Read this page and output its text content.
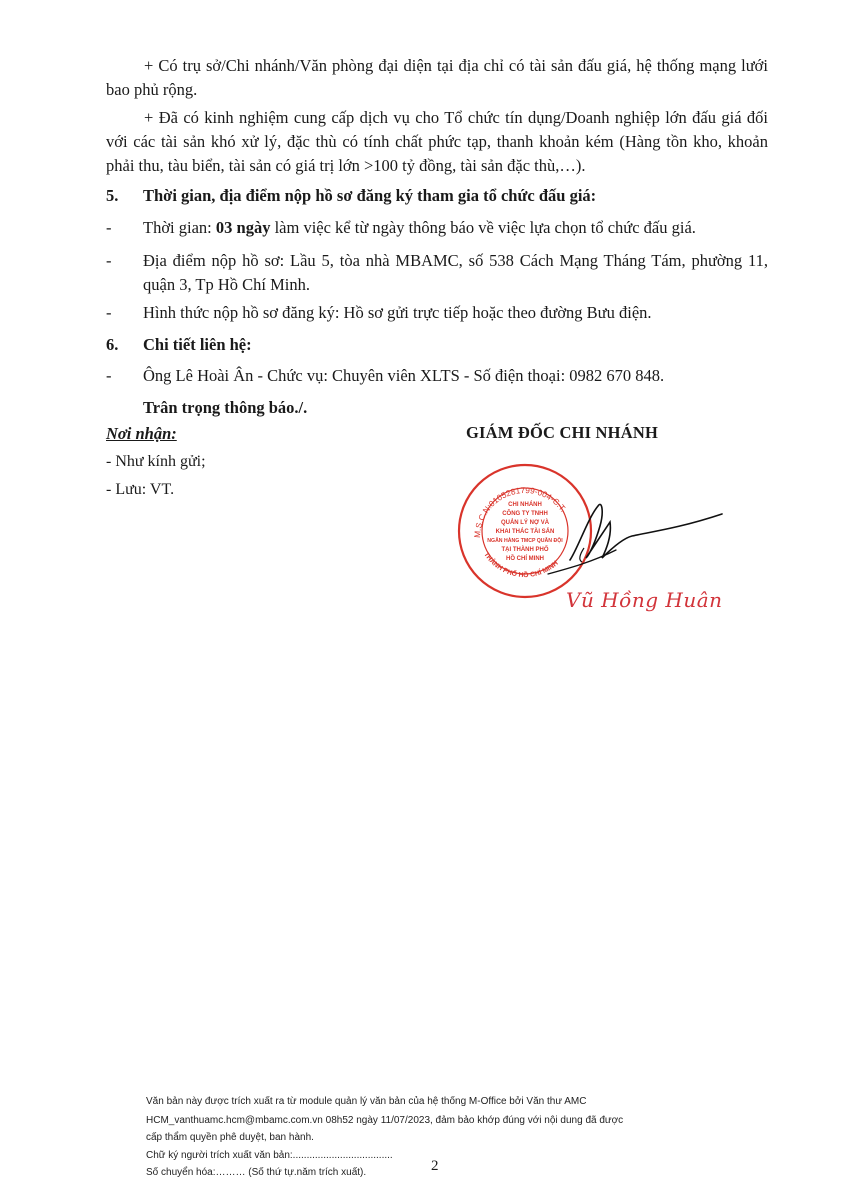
+ Có trụ sở/Chi nhánh/Văn phòng đại diện tại địa chỉ có tài sản đấu giá, hệ thống mạng lưới bao phủ rộng.
+ Đã có kinh nghiệm cung cấp dịch vụ cho Tổ chức tín dụng/Doanh nghiệp lớn đấu giá đối với các tài sản khó xử lý, đặc thù có tính chất phức tạp, thanh khoản kém (Hàng tồn kho, khoản phải thu, tàu biển, tài sản có giá trị lớn >100 tỷ đồng, tài sản đặc thù,…).
5. Thời gian, địa điểm nộp hồ sơ đăng ký tham gia tổ chức đấu giá:
- Thời gian: 03 ngày làm việc kể từ ngày thông báo về việc lựa chọn tổ chức đấu giá.
- Địa điểm nộp hồ sơ: Lầu 5, tòa nhà MBAMC, số 538 Cách Mạng Tháng Tám, phường 11, quận 3, Tp Hồ Chí Minh.
- Hình thức nộp hồ sơ đăng ký: Hồ sơ gửi trực tiếp hoặc theo đường Bưu điện.
6. Chi tiết liên hệ:
- Ông Lê Hoài Ân - Chức vụ: Chuyên viên XLTS - Số điện thoại: 0982 670 848.
Trân trọng thông báo./.
Nơi nhận:
- Như kính gửi;
- Lưu: VT.
GIÁM ĐỐC CHI NHÁNH
M.S.C.N:0105281799-004-C.T.
THÀNH PHỐ HỒ CHÍ MINH
CHI NHÁNH
CÔNG TY TNHH
QUẢN LÝ NỢ VÀ
KHAI THÁC TÀI SẢN
NGÂN HÀNG TMCP QUÂN ĐỘI
TẠI THÀNH PHỐ
HỒ CHÍ MINH
Vũ Hồng Huân
Văn bản này được trích xuất ra từ module quản lý văn bản của hệ thống M-Office bởi Văn thư AMC
HCM_vanthuamc.hcm@mbamc.com.vn 08h52 ngày 11/07/2023, đảm bảo khớp đúng với nội dung đã được
cấp thẩm quyền phê duyệt, ban hành.
Chữ ký người trích xuất văn bản:....................................
Số chuyển hóa:……… (Số thứ tự.năm trích xuất).	2
